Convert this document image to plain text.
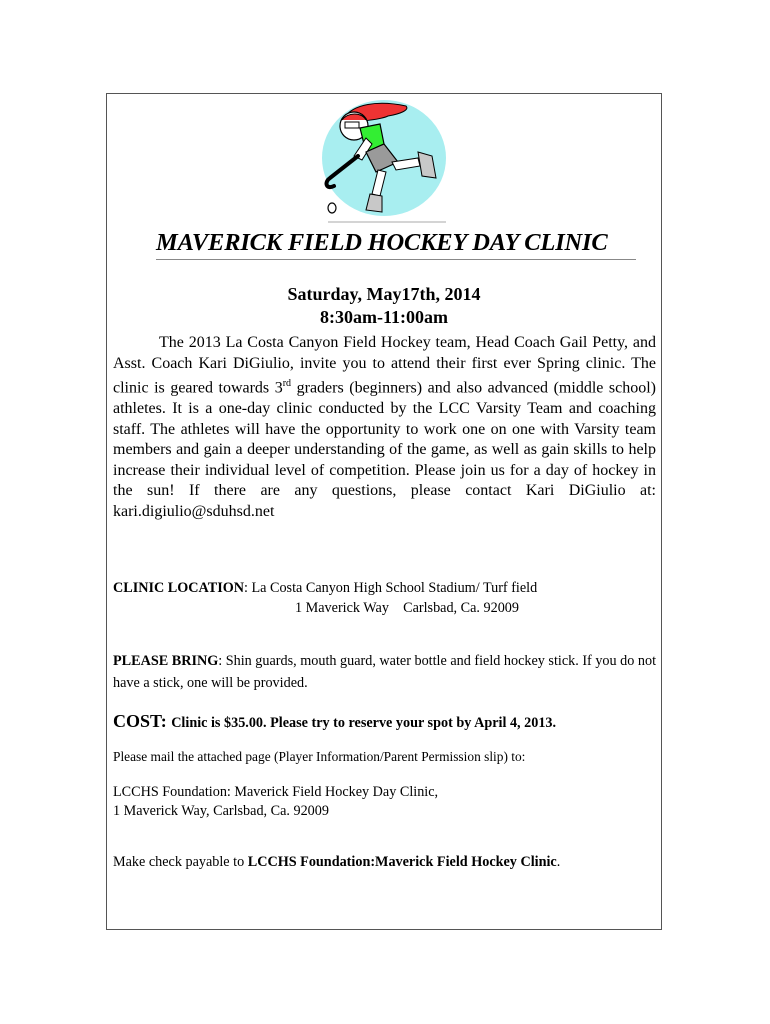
MAVERICK FIELD HOCKEY DAY CLINIC
Saturday, May17th, 2014
8:30am-11:00am

The 2013 La Costa Canyon Field Hockey team, Head Coach Gail Petty, and Asst. Coach Kari DiGiulio, invite you to attend their first ever Spring clinic. The clinic is geared towards 3rd graders (beginners) and also advanced (middle school) athletes. It is a one-day clinic conducted by the LCC Varsity Team and coaching staff. The athletes will have the opportunity to work one on one with Varsity team members and gain a deeper understanding of the game, as well as gain skills to help increase their individual level of competition. Please join us for a day of hockey in the sun! If there are any questions, please contact Kari DiGiulio at: kari.digiulio@sduhsd.net

CLINIC LOCATION: La Costa Canyon High School Stadium/ Turf field

1 Maverick Way    Carlsbad, Ca. 92009

PLEASE BRING: Shin guards, mouth guard, water bottle and field hockey stick. If you do not have a stick, one will be provided.

COST: Clinic is $35.00. Please try to reserve your spot by April 4, 2013.

Please mail the attached page (Player Information/Parent Permission slip) to:

LCCHS Foundation: Maverick Field Hockey Day Clinic,

1 Maverick Way, Carlsbad, Ca. 92009

Make check payable to LCCHS Foundation:Maverick Field Hockey Clinic.
